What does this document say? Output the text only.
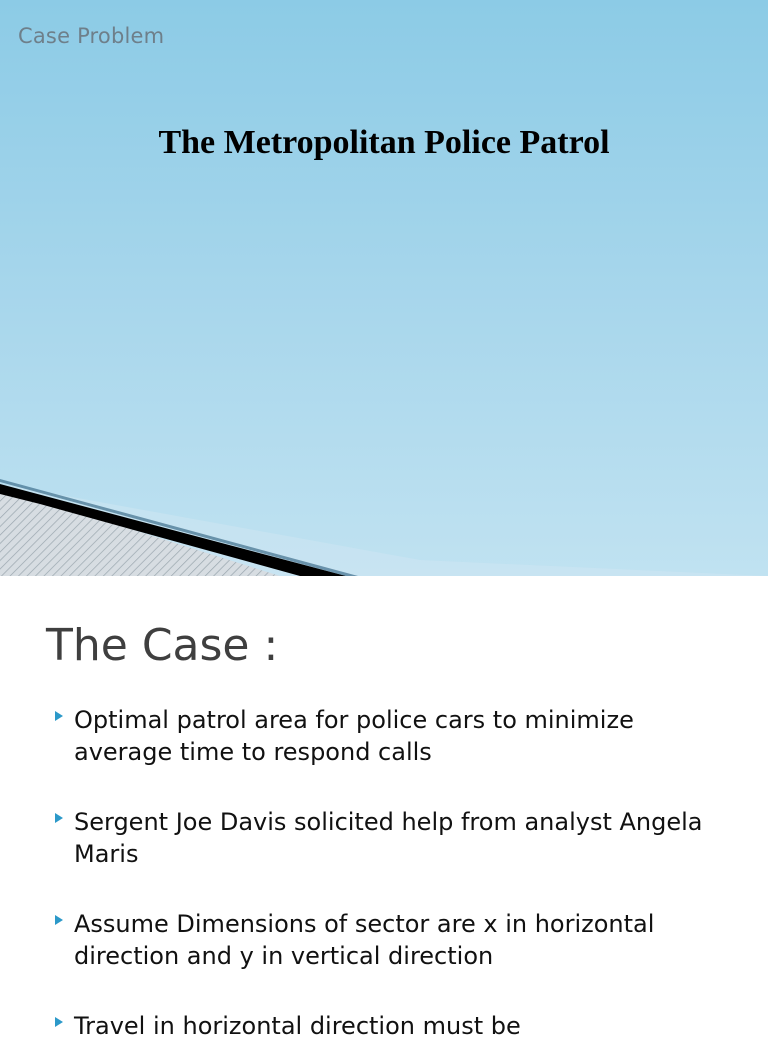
Case Problem
The Metropolitan Police Patrol
The Case :
Optimal patrol area for police cars to minimize average time to respond calls
Sergent Joe Davis solicited help from analyst Angela Maris
Assume Dimensions of sector are x in horizontal direction and y in vertical direction
Travel in horizontal direction must be
